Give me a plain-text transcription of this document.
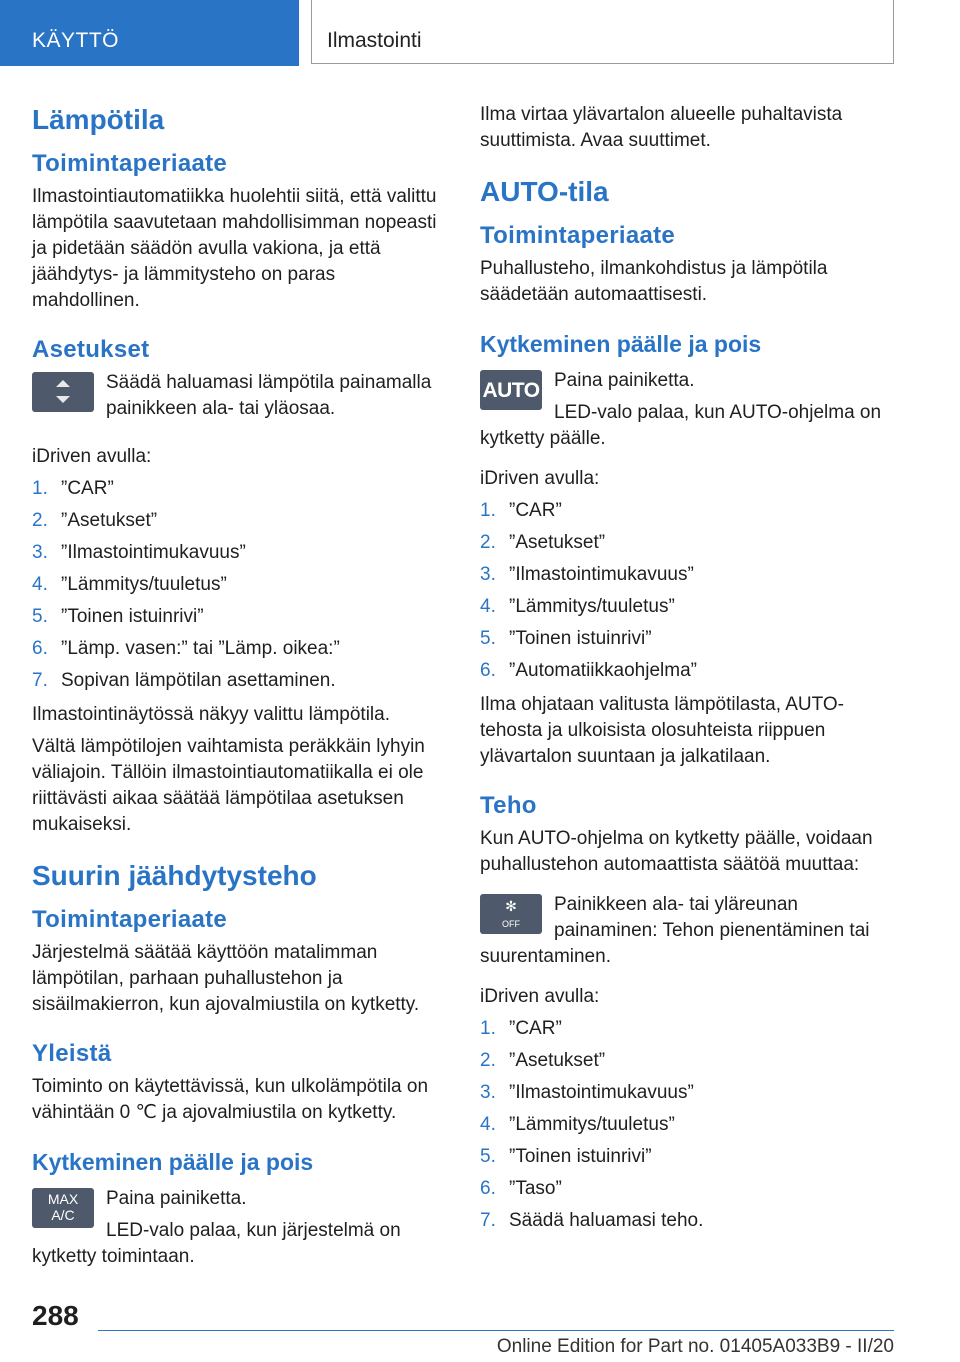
KÄYTTÖ	Ilmastointi
Lämpötila
Toimintaperiaate

Ilmastointiautomatiikka huolehtii siitä, että valittu lämpötila saavutetaan mahdollisimman nopeasti ja pidetään säädön avulla vakiona, ja että jäähdytys- ja lämmitysteho on paras mahdollinen.

Asetukset

Säädä haluamasi lämpötila painamalla painikkeen ala- tai yläosaa.

iDriven avulla:

1. ”CAR”
2. ”Asetukset”
3. ”Ilmastointimukavuus”
4. ”Lämmitys/tuuletus”
5. ”Toinen istuinrivi”
6. ”Lämp. vasen:” tai ”Lämp. oikea:”
7. Sopivan lämpötilan asettaminen.

Ilmastointinäytössä näkyy valittu lämpötila.

Vältä lämpötilojen vaihtamista peräkkäin lyhyin väliajoin. Tällöin ilmastointiautomatiikalla ei ole riittävästi aikaa säätää lämpötilaa asetuksen mukaiseksi.

Suurin jäähdytysteho
Toimintaperiaate

Järjestelmä säätää käyttöön matalimman lämpötilan, parhaan puhallustehon ja sisäilmakierron, kun ajovalmiustila on kytketty.

Yleistä

Toiminto on käytettävissä, kun ulkolämpötila on vähintään 0 ℃ ja ajovalmiustila on kytketty.

Kytkeminen päälle ja pois
MAX
A/C

Paina painiketta.

LED-valo palaa, kun järjestelmä on kytketty toimintaan.

Ilma virtaa ylävartalon alueelle puhaltavista suuttimista. Avaa suuttimet.

AUTO-tila
Toimintaperiaate

Puhallusteho, ilmankohdistus ja lämpötila säädetään automaattisesti.

Kytkeminen päälle ja pois
AUTO Paina painiketta.

LED-valo palaa, kun AUTO-ohjelma on kytketty päälle.

iDriven avulla:

1. ”CAR”
2. ”Asetukset”
3. ”Ilmastointimukavuus”
4. ”Lämmitys/tuuletus”
5. ”Toinen istuinrivi”
6. ”Automatiikkaohjelma”

Ilma ohjataan valitusta lämpötilasta, AUTO-tehosta ja ulkoisista olosuhteista riippuen ylävartalon suuntaan ja jalkatilaan.

Teho

Kun AUTO-ohjelma on kytketty päälle, voidaan puhallustehon automaattista säätöä muuttaa:

✻
OFF

Painikkeen ala- tai yläreunan painaminen: Tehon pienentäminen tai suurentaminen.

iDriven avulla:

1. ”CAR”
2. ”Asetukset”
3. ”Ilmastointimukavuus”
4. ”Lämmitys/tuuletus”
5. ”Toinen istuinrivi”
6. ”Taso”
7. Säädä haluamasi teho.
288
Online Edition for Part no. 01405A033B9 - II/20
